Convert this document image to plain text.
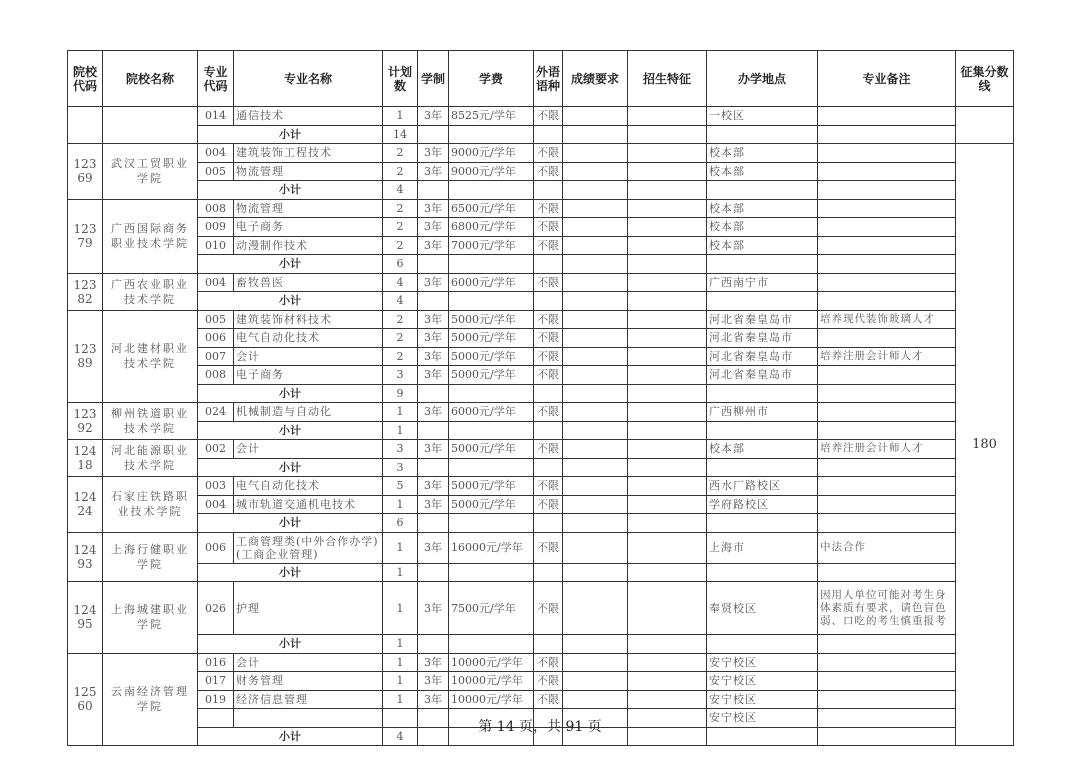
院校代码	院校名称	专业代码	专业名称	计划数	学制	学费	外语语种	成绩要求	招生特征	办学地点	专业备注	征集分数线
		014	通信技术	1	3年	8525元/学年	不限			一校区		
		小计		14								
12369	武汉工贸职业学院	004	建筑装饰工程技术	2	3年	9000元/学年	不限			校本部		180
		005	物流管理	2	3年	9000元/学年	不限			校本部		
		小计		4								
12379	广西国际商务职业技术学院	008	物流管理	2	3年	6500元/学年	不限			校本部		
		009	电子商务	2	3年	6800元/学年	不限			校本部		
		010	动漫制作技术	2	3年	7000元/学年	不限			校本部		
		小计		6								
12382	广西农业职业技术学院	004	畜牧兽医	4	3年	6000元/学年	不限			广西南宁市		
		小计		4								
12389	河北建材职业技术学院	005	建筑装饰材料技术	2	3年	5000元/学年	不限			河北省秦皇岛市	培养现代装饰玻璃人才	
		006	电气自动化技术	2	3年	5000元/学年	不限			河北省秦皇岛市		
		007	会计	2	3年	5000元/学年	不限			河北省秦皇岛市	培养注册会计师人才	
		008	电子商务	3	3年	5000元/学年	不限			河北省秦皇岛市		
		小计		9								
12392	柳州铁道职业技术学院	024	机械制造与自动化	1	3年	6000元/学年	不限			广西柳州市		
		小计		1								
12418	河北能源职业技术学院	002	会计	3	3年	5000元/学年	不限			校本部	培养注册会计师人才	
		小计		3								
12424	石家庄铁路职业技术学院	003	电气自动化技术	5	3年	5000元/学年	不限			西水厂路校区		
		004	城市轨道交通机电技术	1	3年	5000元/学年	不限			学府路校区		
		小计		6								
12493	上海行健职业学院	006	工商管理类(中外合作办学)(工商企业管理)	1	3年	16000元/学年	不限			上海市	中法合作	
		小计		1								
12495	上海城建职业学院	026	护理	1	3年	7500元/学年	不限			奉贤校区	因用人单位可能对考生身体素质有要求，请色盲色弱、口吃的考生慎重报考	
		小计		1								
12560	云南经济管理学院	016	会计	1	3年	10000元/学年	不限			安宁校区		
		017	财务管理	1	3年	10000元/学年	不限			安宁校区		
		019	经济信息管理	1	3年	10000元/学年	不限			安宁校区		
										安宁校区		
		小计		4								
第 14 页，共 91 页
